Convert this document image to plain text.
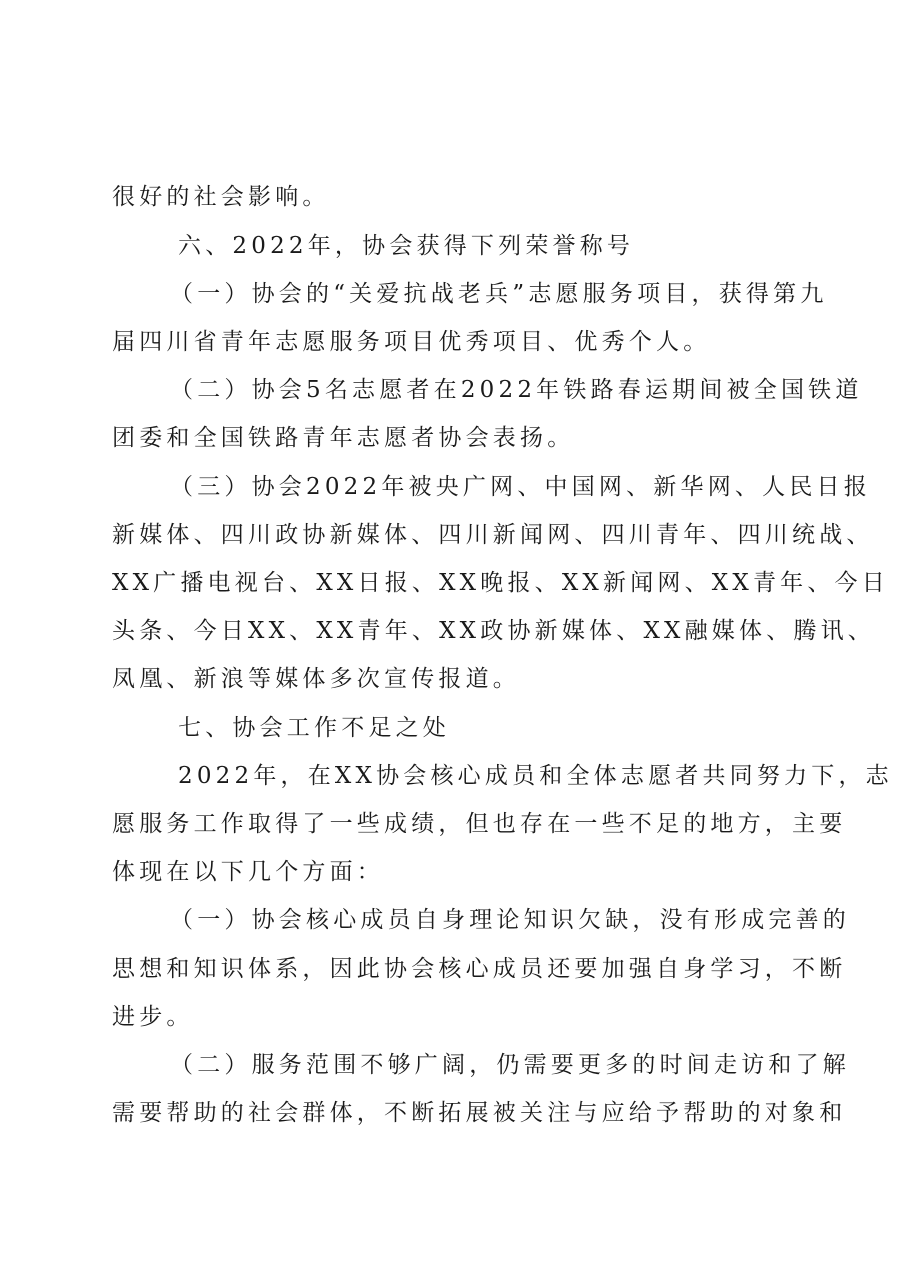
很好的社会影响。
六、2022年，协会获得下列荣誉称号
（一）协会的“关爱抗战老兵”志愿服务项目，获得第九
届四川省青年志愿服务项目优秀项目、优秀个人。
（二）协会5名志愿者在2022年铁路春运期间被全国铁道
团委和全国铁路青年志愿者协会表扬。
（三）协会2022年被央广网、中国网、新华网、人民日报
新媒体、四川政协新媒体、四川新闻网、四川青年、四川统战、
XX广播电视台、XX日报、XX晚报、XX新闻网、XX青年、今日
头条、今日XX、XX青年、XX政协新媒体、XX融媒体、腾讯、
凤凰、新浪等媒体多次宣传报道。
七、协会工作不足之处
2022年，在XX协会核心成员和全体志愿者共同努力下，志
愿服务工作取得了一些成绩，但也存在一些不足的地方，主要
体现在以下几个方面：
（一）协会核心成员自身理论知识欠缺，没有形成完善的
思想和知识体系，因此协会核心成员还要加强自身学习，不断
进步。
（二）服务范围不够广阔，仍需要更多的时间走访和了解
需要帮助的社会群体，不断拓展被关注与应给予帮助的对象和
